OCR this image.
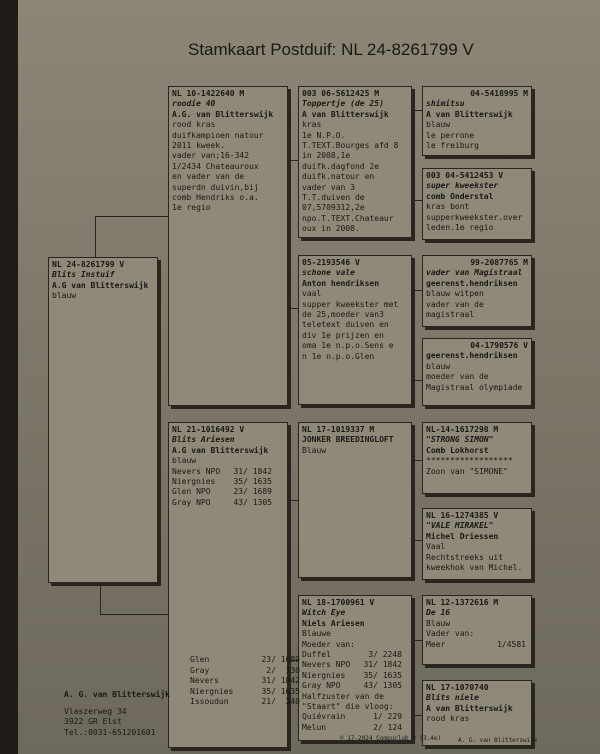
Stamkaart Postduif: NL 24-8261799 V
NL 24-8261799 V
Blits Instuif
A.G van Blitterswijk
blauw
NL 10-1422640 M
roodie 40
A.G. van Blitterswijk
rood kras
duifkampioen natour
2011 kweek.
vader van;16-342
1/2434 Chateauroux
en vader van de
superdn duivin,bij
comb Hendriks o.a.
1e regio
NL 21-1016492 V
Blits Ariesen
A.G van Blitterswijk
blauw
Nevers NPO 31/ 1842
Niergnies 35/ 1635
Glen NPO	23/ 1689
Gray NPO	43/ 1305
003 06-5612425 M
Toppertje (de 25)
A van Blitterswijk
kras
1e N.P.O.
T.TEXT.Bourges afd 8
in 2008,1e
duifk.dagfond 2e
duifk.natour en
vader van 3
T.T.duiven de
07,5709312,2e
npo.T.TEXT.Chateaur
oux in 2008.
05-2193546 V
schone vale
Anton hendriksen
vaal
supper kweekster met
de 25,moeder van3
teletext duiven en
div 1e prijzen en
oma 1e n.p.o.Sens e
n 1e n.p.o.Glen
NL 17-1019337 M
JONKER BREEDINGLOFT
Blauw
NL 18-1700961 V
Witch Eye
Niels Ariesen
Blauwe
Moeder van:
Duffel	3/ 2248
Nevers NPO 31/ 1842
Niergnies 35/ 1635
Gray NPO	43/ 1305
Halfzuster van de
"Staart" die vloog:
Quiévrain	1/ 229
Melun	2/ 124
04-5418995 M
shimitsu
A van Blitterswijk
blauw
le perrone
le freiburg
003 04-5412453 V
super kweekster
comb Onderstal
kras bont
supperkweekster.over
leden.1e regio
99-2087765 M
vader van Magistraal
geerenst.hendriksen
blauw witpen
vader van de
magistraal
04-1790576 V
geerenst.hendriksen
blauw
moeder van de
Magistraal olympiade
NL-14-1617298 M
"STRONG SIMON"
Comb Lokhorst
******************
Zoon van "SIMONE"
NL 16-1274385 V
"VALE MIRAKEL"
Michel Driessen
Vaal
Rechtstreeks uit
kweekhok van Michel.
NL 12-1372616 M
De 16
Blauw
Vader van:
Meer	1/4581
NL 17-1070740
Blits niele
A van Blitterswijk
rood kras
Glen	23/ 1689
Gray	2/  130
Nevers	31/ 1842
Niergnies	35/ 1635
Issoudun	21/  340
A. G. van Blitterswijk
Vlaszerweg 34
3922 GR Elst
Tel.:0031-651201601
© 17-2024 Compuclub ® (3.4e)	A. G. van Blitterswijk
